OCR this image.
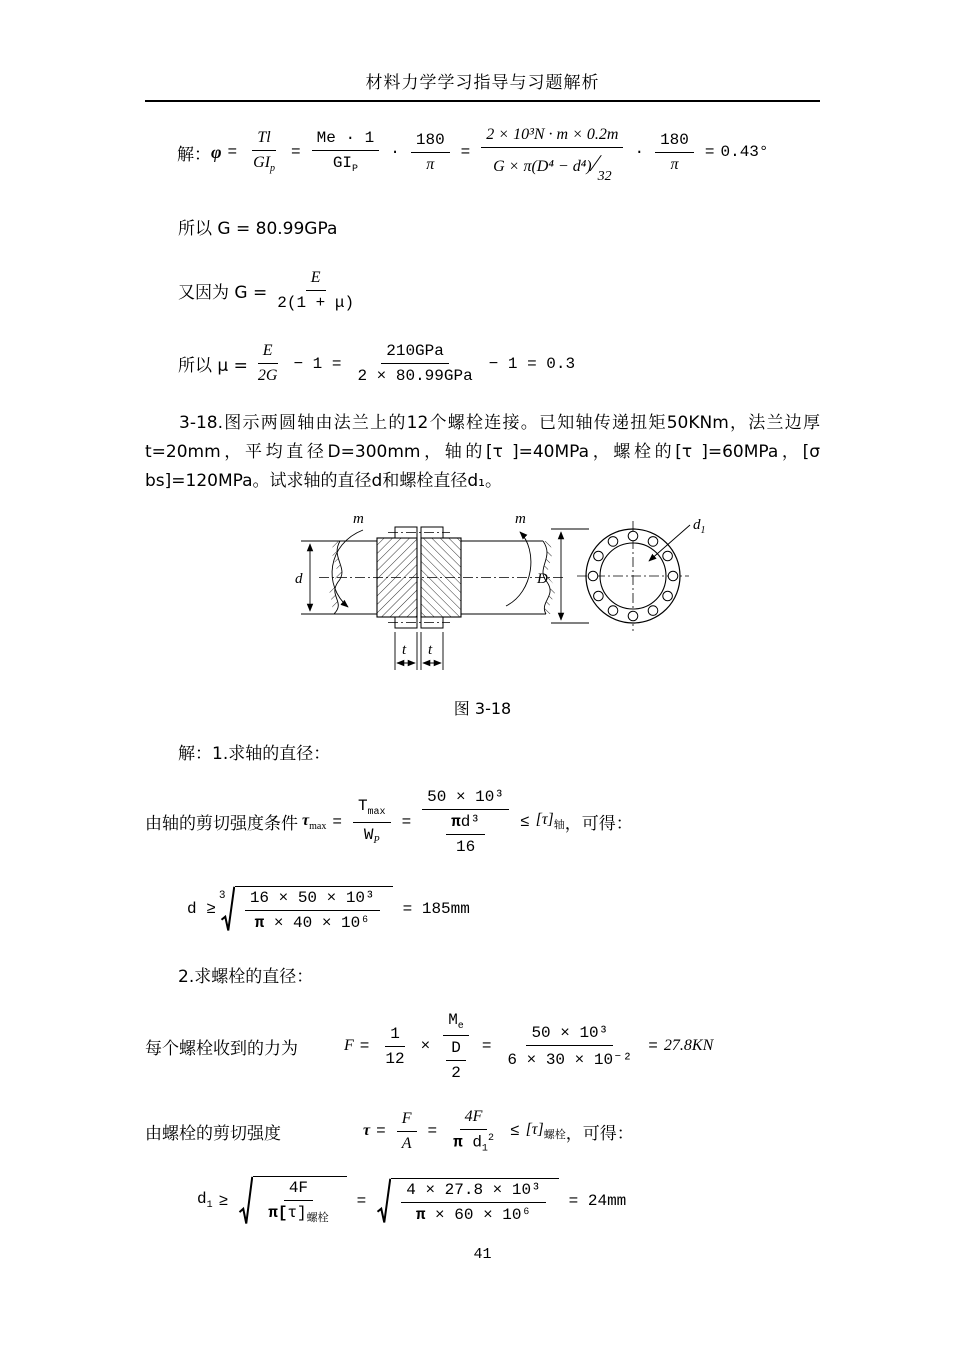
材料力学学习指导与习题解析
解： $\varphi = \frac{Tl}{GI_p} = \frac{Me \cdot 1}{GI_P} \cdot \frac{180}{\pi} = \frac{\text{2 × 10³N · m × 0.2m}}{\text{G × π(D⁴ − d⁴)∕32}} \cdot \frac{180}{\pi} = 0.43^\circ$
所以 G = 80.99GPa
又因为 $G = \frac{E}{2(1 + \mu)}$
所以 $\mu = \frac{E}{2G} - 1 = \frac{\text{210GPa}}{\text{2 × 80.99GPa}} - 1 = 0.3$

3-18.图示两圆轴由法兰上的12个螺栓连接。已知轴传递扭矩50KNm，法兰边厚t=20mm，平均直径D=300mm，轴的[τ ]=40MPa，螺栓的[τ ]=60MPa，[σ bs]=120MPa。试求轴的直径d和螺栓直径d₁。

d
m	m
t t
D
$d_1$
图 3-18
解：1.求轴的直径：
由轴的剪切强度条件 $\tau_{max} = \frac{T_{max}}{W_P} = \frac{\text{50 × 10³}}{\frac{\text{πd³}}{16}} \le [\tau]_轴$ ，可得：
d ≥
$3 \frac{\text{16 × 50 × 10³}}{\text{π × 40 × 10⁶}} = 185mm$
2.求螺栓的直径：
每个螺栓收到的力为	$F = \frac{1}{12} \times \frac{M_e}{\frac{D}{2}} = \frac{\text{50 × 10³}}{\text{6 × 30 × 10⁻²}} = 27.8KN$
由螺栓的剪切强度	$\tau = \frac{F}{A} = \frac{4F}{\pi d_1^2} \le [\tau]_{螺栓}$ ，可得：
$d_1 \ge \frac{4F}{\pi[\tau]_{螺栓}} = \frac{\text{4 × 27.8 × 10³}}{\text{π × 60 × 10⁶}} = 24mm$
41
